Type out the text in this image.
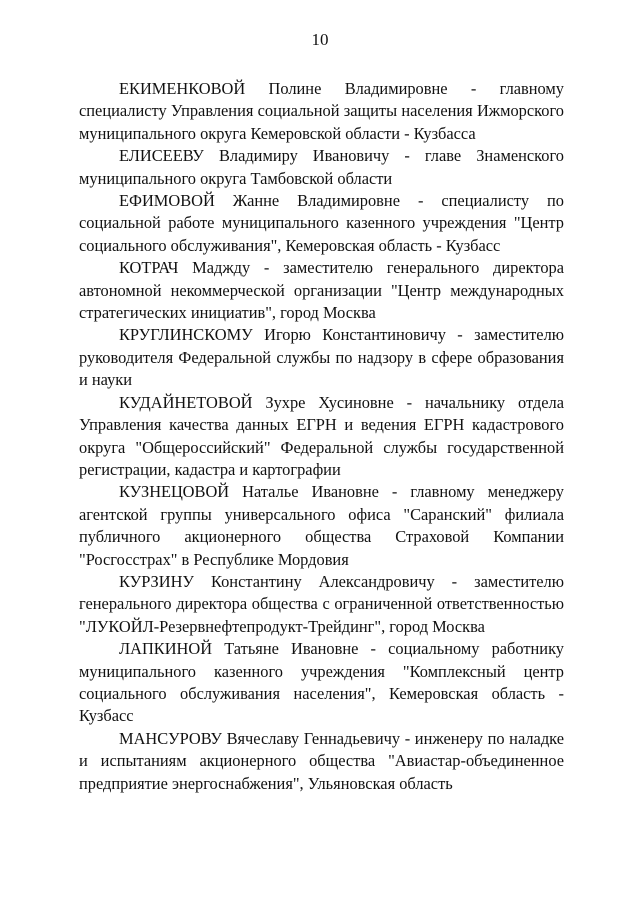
10

ЕКИМЕНКОВОЙ Полине Владимировне - главному специалисту Управления социальной защиты населения Ижморского муниципального округа Кемеровской области - Кузбасса

ЕЛИСЕЕВУ Владимиру Ивановичу - главе Знаменского муниципального округа Тамбовской области

ЕФИМОВОЙ Жанне Владимировне - специалисту по социальной работе муниципального казенного учреждения "Центр социального обслуживания", Кемеровская область - Кузбасс

КОТРАЧ Маджду - заместителю генерального директора автономной некоммерческой организации "Центр международных стратегических инициатив", город Москва

КРУГЛИНСКОМУ Игорю Константиновичу - заместителю руководителя Федеральной службы по надзору в сфере образования и науки

КУДАЙНЕТОВОЙ Зухре Хусиновне - начальнику отдела Управления качества данных ЕГРН и ведения ЕГРН кадастрового округа "Общероссийский" Федеральной службы государственной регистрации, кадастра и картографии

КУЗНЕЦОВОЙ Наталье Ивановне - главному менеджеру агентской группы универсального офиса "Саранский" филиала публичного акционерного общества Страховой Компании "Росгосстрах" в Республике Мордовия

КУРЗИНУ Константину Александровичу - заместителю генерального директора общества с ограниченной ответственностью "ЛУКОЙЛ-Резервнефтепродукт-Трейдинг", город Москва

ЛАПКИНОЙ Татьяне Ивановне - социальному работнику муниципального казенного учреждения "Комплексный центр социального обслуживания населения", Кемеровская область - Кузбасс

МАНСУРОВУ Вячеславу Геннадьевичу - инженеру по наладке и испытаниям акционерного общества "Авиастар-объединенное предприятие энергоснабжения", Ульяновская область
